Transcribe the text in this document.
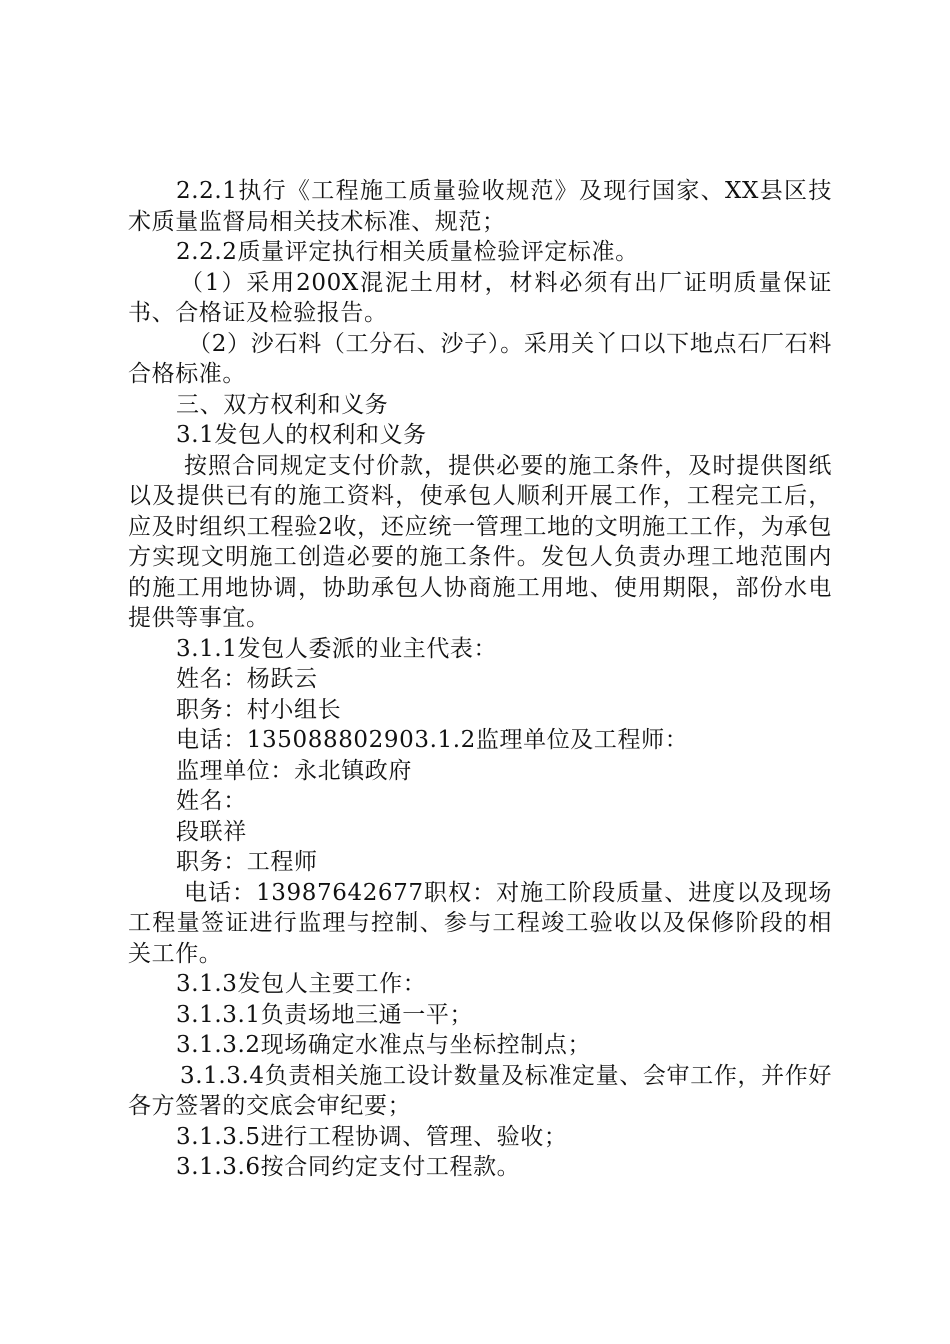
2.2.1执行《工程施工质量验收规范》及现行国家、XX县区技术质量监督局相关技术标准、规范；

2.2.2质量评定执行相关质量检验评定标准。

（1）采用200X混泥土用材，材料必须有出厂证明质量保证书、合格证及检验报告。

（2）沙石料（工分石、沙子）。采用关丫口以下地点石厂石料合格标准。

三、双方权利和义务

3.1发包人的权利和义务

按照合同规定支付价款，提供必要的施工条件，及时提供图纸以及提供已有的施工资料，使承包人顺利开展工作，工程完工后，应及时组织工程验2收，还应统一管理工地的文明施工工作，为承包方实现文明施工创造必要的施工条件。发包人负责办理工地范围内的施工用地协调，协助承包人协商施工用地、使用期限，部份水电提供等事宜。

3.1.1发包人委派的业主代表：

姓名：杨跃云

职务：村小组长

电话：135088802903.1.2监理单位及工程师：

监理单位：永北镇政府

姓名：

段联祥

职务：工程师

电话：13987642677职权：对施工阶段质量、进度以及现场工程量签证进行监理与控制、参与工程竣工验收以及保修阶段的相关工作。

3.1.3发包人主要工作：

3.1.3.1负责场地三通一平；

3.1.3.2现场确定水准点与坐标控制点；

3.1.3.4负责相关施工设计数量及标准定量、会审工作，并作好各方签署的交底会审纪要；

3.1.3.5进行工程协调、管理、验收；

3.1.3.6按合同约定支付工程款。
